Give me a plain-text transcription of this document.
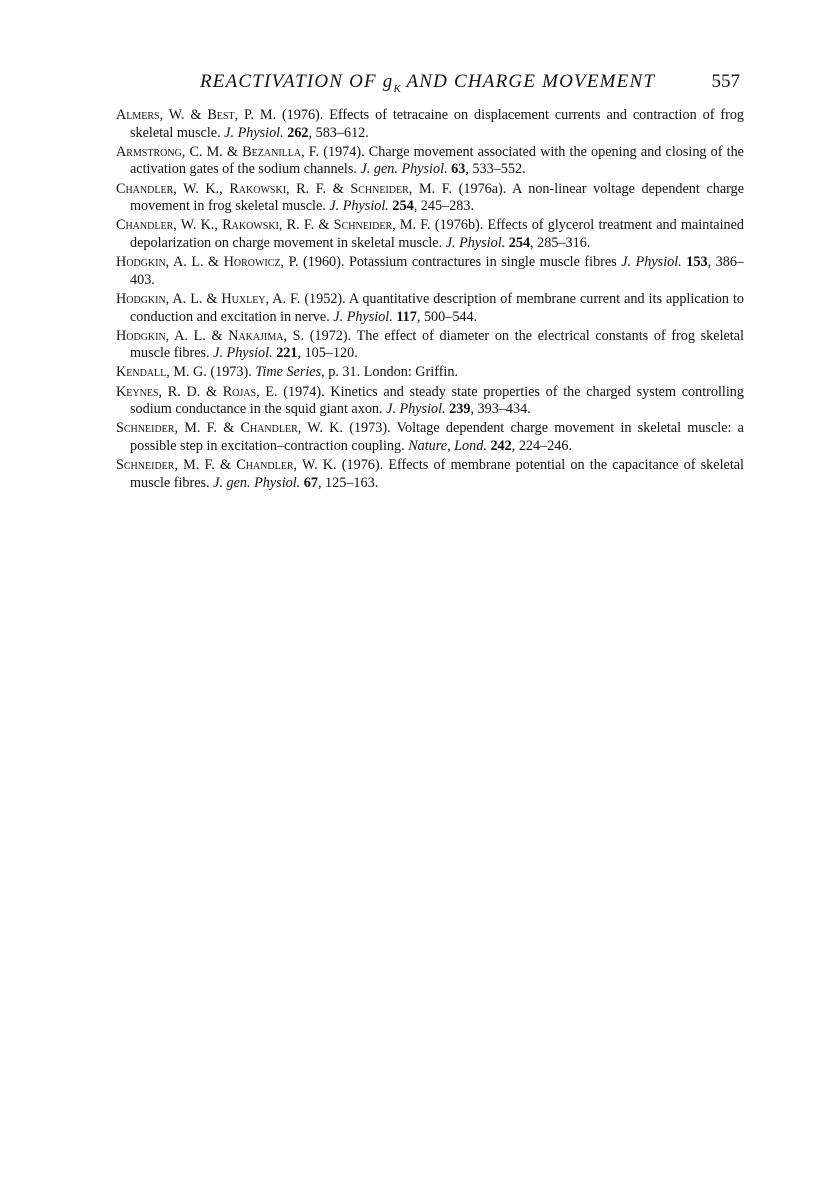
REACTIVATION OF $g_K$ AND CHARGE MOVEMENT	557

Almers, W. & Best, P. M. (1976). Effects of tetracaine on displacement currents and contraction of frog skeletal muscle. J. Physiol. 262, 583–612.

Armstrong, C. M. & Bezanilla, F. (1974). Charge movement associated with the opening and closing of the activation gates of the sodium channels. J. gen. Physiol. 63, 533–552.

Chandler, W. K., Rakowski, R. F. & Schneider, M. F. (1976a). A non-linear voltage dependent charge movement in frog skeletal muscle. J. Physiol. 254, 245–283.

Chandler, W. K., Rakowski, R. F. & Schneider, M. F. (1976b). Effects of glycerol treatment and maintained depolarization on charge movement in skeletal muscle. J. Physiol. 254, 285–316.

Hodgkin, A. L. & Horowicz, P. (1960). Potassium contractures in single muscle fibres J. Physiol. 153, 386–403.

Hodgkin, A. L. & Huxley, A. F. (1952). A quantitative description of membrane current and its application to conduction and excitation in nerve. J. Physiol. 117, 500–544.

Hodgkin, A. L. & Nakajima, S. (1972). The effect of diameter on the electrical constants of frog skeletal muscle fibres. J. Physiol. 221, 105–120.

Kendall, M. G. (1973). Time Series, p. 31. London: Griffin.

Keynes, R. D. & Rojas, E. (1974). Kinetics and steady state properties of the charged system controlling sodium conductance in the squid giant axon. J. Physiol. 239, 393–434.

Schneider, M. F. & Chandler, W. K. (1973). Voltage dependent charge movement in skeletal muscle: a possible step in excitation–contraction coupling. Nature, Lond. 242, 224–246.

Schneider, M. F. & Chandler, W. K. (1976). Effects of membrane potential on the capacitance of skeletal muscle fibres. J. gen. Physiol. 67, 125–163.
